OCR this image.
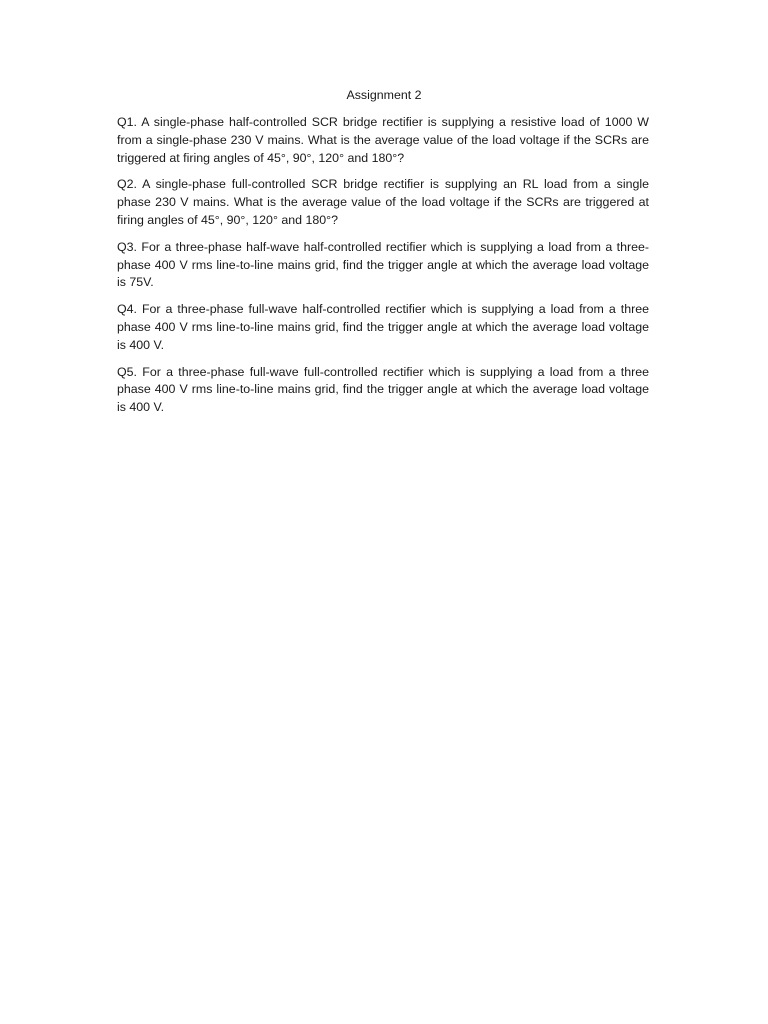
Assignment 2

Q1. A single-phase half-controlled SCR bridge rectifier is supplying a resistive load of 1000 W from a single-phase 230 V mains. What is the average value of the load voltage if the SCRs are triggered at firing angles of 45°, 90°, 120° and 180°?

Q2. A single-phase full-controlled SCR bridge rectifier is supplying an RL load from a single phase 230 V mains. What is the average value of the load voltage if the SCRs are triggered at firing angles of 45°, 90°, 120° and 180°?

Q3. For a three-phase half-wave half-controlled rectifier which is supplying a load from a three-phase 400 V rms line-to-line mains grid, find the trigger angle at which the average load voltage is 75V.

Q4. For a three-phase full-wave half-controlled rectifier which is supplying a load from a three phase 400 V rms line-to-line mains grid, find the trigger angle at which the average load voltage is 400 V.

Q5. For a three-phase full-wave full-controlled rectifier which is supplying a load from a three phase 400 V rms line-to-line mains grid, find the trigger angle at which the average load voltage is 400 V.
